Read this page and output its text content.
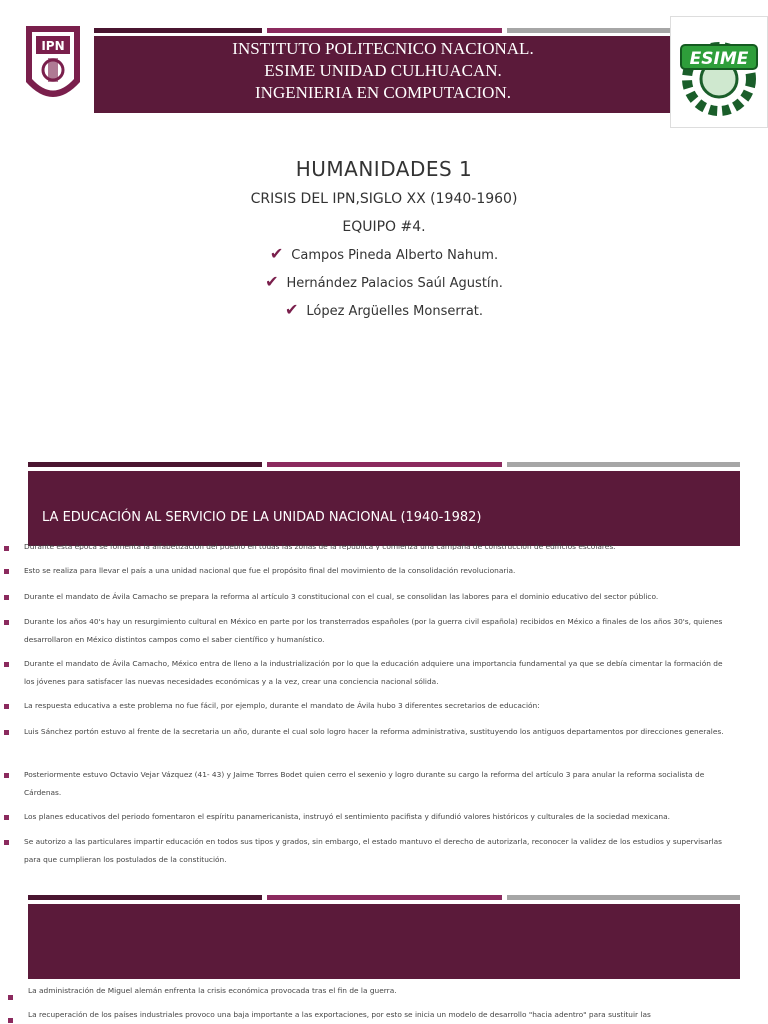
INSTITUTO POLITECNICO NACIONAL.
ESIME UNIDAD CULHUACAN.
INGENIERIA EN COMPUTACION.
IPN
ESIME
HUMANIDADES 1
CRISIS DEL IPN,SIGLO XX (1940-1960)
EQUIPO #4.
✔ Campos Pineda Alberto Nahum.
✔ Hernández Palacios Saúl Agustín.
✔ López Argüelles Monserrat.
LA EDUCACIÓN AL SERVICIO DE LA UNIDAD NACIONAL (1940-1982)
Durante esta época se fomenta la alfabetización del pueblo en todas las zonas de la república y comienza una campaña de construcción de edificios escolares.
Esto se realiza para llevar el país a una unidad nacional que fue el propósito final del movimiento de la consolidación revolucionaria.
Durante el mandato de Ávila Camacho se prepara la reforma al artículo 3 constitucional con el cual, se consolidan las labores para el dominio educativo del sector público.
Durante los años 40's hay un resurgimiento cultural en México en parte por los transterrados españoles (por la guerra civil española) recibidos en México a finales de los años 30's, quienes desarrollaron en México distintos campos como el saber científico y humanístico.
Durante el mandato de Ávila Camacho, México entra de lleno a la industrialización por lo que la educación adquiere una importancia fundamental ya que se debía cimentar la formación de los jóvenes para satisfacer las nuevas necesidades económicas y a la vez, crear una conciencia nacional sólida.
La respuesta educativa a este problema no fue fácil, por ejemplo, durante el mandato de Ávila hubo 3 diferentes secretarios de educación:
Luis Sánchez portón estuvo al frente de la secretaria un año, durante el cual solo logro hacer la reforma administrativa, sustituyendo los antiguos departamentos por direcciones generales.
Posteriormente estuvo Octavio Vejar Vázquez (41- 43) y Jaime Torres Bodet quien cerro el sexenio y logro durante su cargo la reforma del artículo 3 para anular la reforma socialista de Cárdenas.
Los planes educativos del periodo fomentaron el espíritu panamericanista, instruyó el sentimiento pacifista y difundió valores históricos y culturales de la sociedad mexicana.
Se autorizo a las particulares impartir educación en todos sus tipos y grados, sin embargo, el estado mantuvo el derecho de autorizarla, reconocer la validez de los estudios y supervisarlas para que cumplieran los postulados de la constitución.
La administración de Miguel alemán enfrenta la crisis económica provocada tras el fin de la guerra.
La recuperación de los países industriales provoco una baja importante a las exportaciones, por esto se inicia un modelo de desarrollo "hacia adentro" para sustituir las
